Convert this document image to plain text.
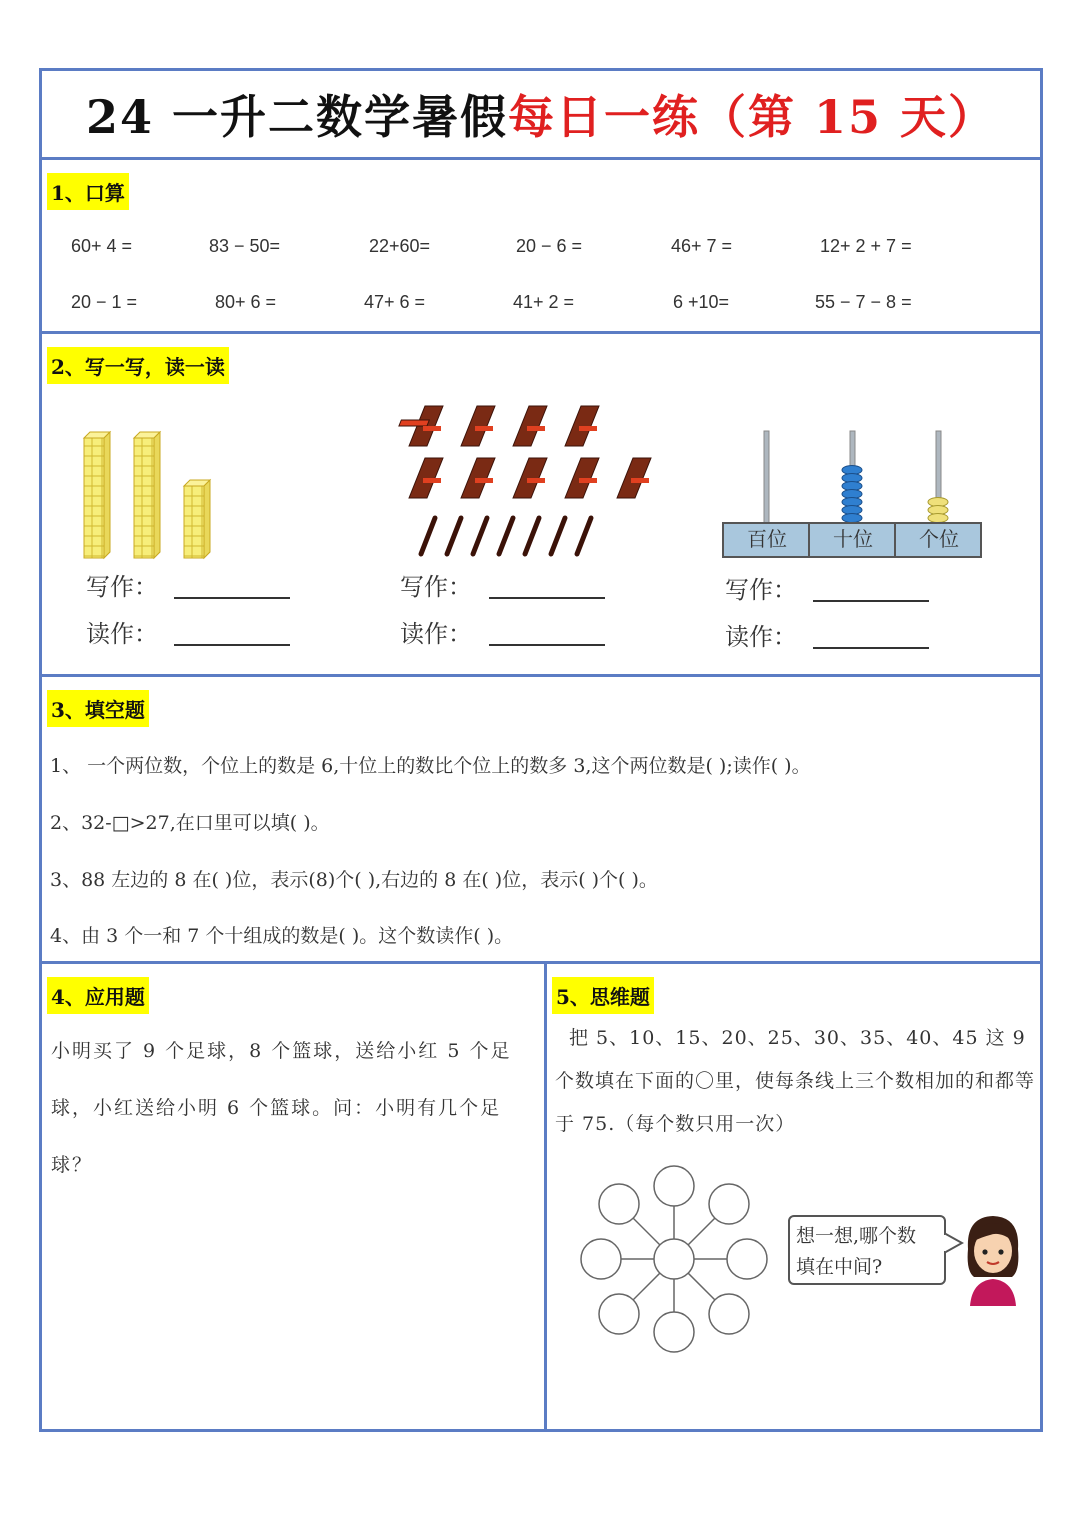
24 一升二数学暑假每日一练（第 15 天）
1、口算
60+ 4 =	83 − 50=	22+60=	20 − 6 =	46+ 7 =	12+ 2 + 7 =
20 − 1 =	80+ 6 =	47+ 6 =	41+ 2 =	6 +10=	55 − 7 − 8 =
2、写一写，读一读
百位	十位	个位
写作：
读作：
写作：
读作：
写作：
读作：
3、填空题
1、 一个两位数，个位上的数是 6,十位上的数比个位上的数多 3,这个两位数是( );读作( )。
2、32-□>27,在口里可以填( )。
3、88 左边的 8 在( )位，表示(8)个( ),右边的 8 在( )位，表示( )个( )。
4、由 3 个一和 7 个十组成的数是( )。这个数读作( )。
4、应用题
小明买了 9 个足球，8 个篮球，送给小红 5 个足球，小红送给小明 6 个篮球。问：小明有几个足球？
5、思维题
把 5、10、15、20、25、30、35、40、45 这 9 个数填在下面的〇里，使每条线上三个数相加的和都等于 75.（每个数只用一次）
想一想,哪个数
填在中间?
